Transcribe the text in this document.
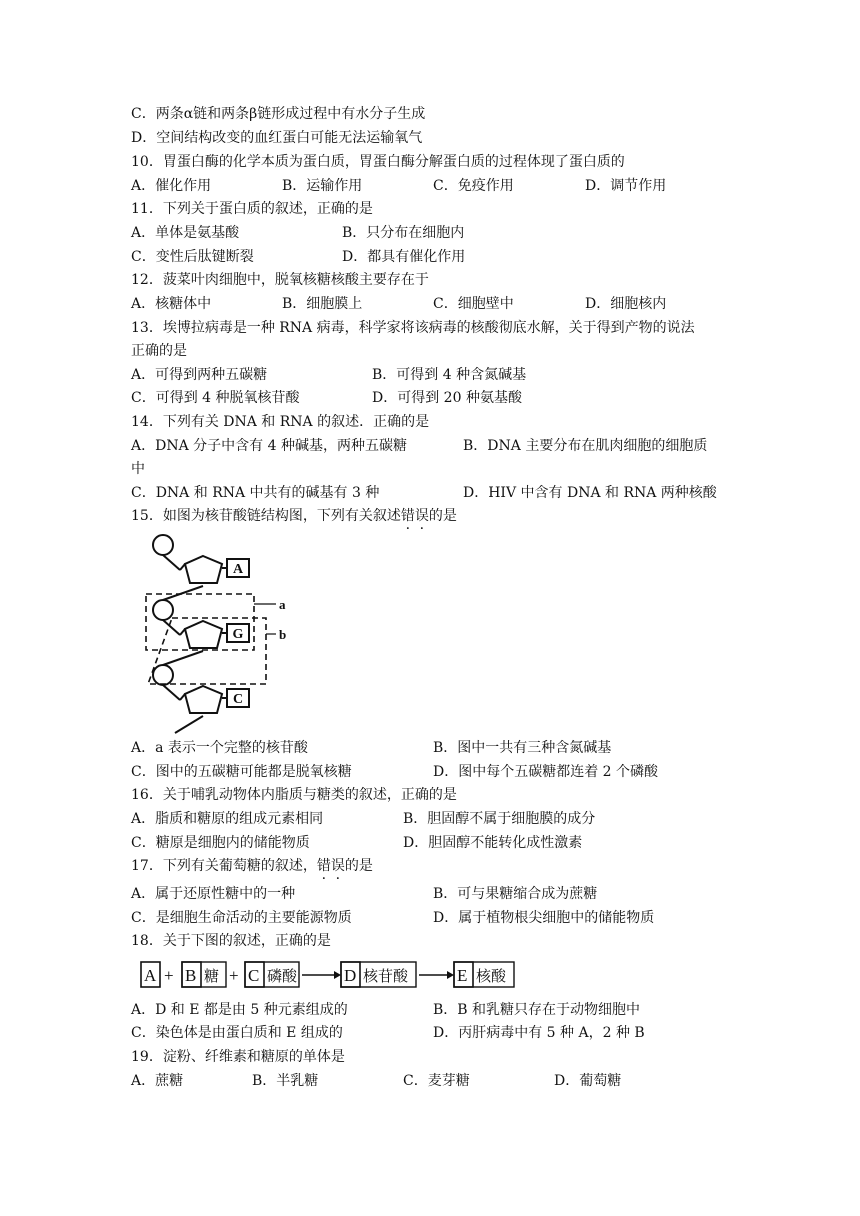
C．两条α链和两条β链形成过程中有水分子生成
D．空间结构改变的血红蛋白可能无法运输氧气
10．胃蛋白酶的化学本质为蛋白质，胃蛋白酶分解蛋白质的过程体现了蛋白质的
A．催化作用	B．运输作用	C．免疫作用	D．调节作用
11．下列关于蛋白质的叙述，正确的是
A．单体是氨基酸	B．只分布在细胞内
C．变性后肽键断裂	D．都具有催化作用
12．菠菜叶肉细胞中，脱氧核糖核酸主要存在于
A．核糖体中	B．细胞膜上	C．细胞壁中	D．细胞核内
13．埃博拉病毒是一种 RNA 病毒，科学家将该病毒的核酸彻底水解，关于得到产物的说法
正确的是
A．可得到两种五碳糖	B．可得到 4 种含氮碱基
C．可得到 4 种脱氧核苷酸	D．可得到 20 种氨基酸
14．下列有关 DNA 和 RNA 的叙述．正确的是
A．DNA 分子中含有 4 种碱基，两种五碳糖	B．DNA 主要分布在肌肉细胞的细胞质
中
C．DNA 和 RNA 中共有的碱基有 3 种	D．HIV 中含有 DNA 和 RNA 两种核酸
15．如图为核苷酸链结构图，下列有关叙述错误的是
A
G
C
a
b
A．a 表示一个完整的核苷酸	B．图中一共有三种含氮碱基
C．图中的五碳糖可能都是脱氧核糖	D．图中每个五碳糖都连着 2 个磷酸
16．关于哺乳动物体内脂质与糖类的叙述，正确的是
A．脂质和糖原的组成元素相同	B．胆固醇不属于细胞膜的成分
C．糖原是细胞内的储能物质	D．胆固醇不能转化成性激素
17．下列有关葡萄糖的叙述，错误的是
A．属于还原性糖中的一种	B．可与果糖缩合成为蔗糖
C．是细胞生命活动的主要能源物质	D．属于植物根尖细胞中的储能物质
18．关于下图的叙述，正确的是
A + B 糖 + C 磷酸	D 核苷酸	E 核酸
A．D 和 E 都是由 5 种元素组成的	B．B 和乳糖只存在于动物细胞中
C．染色体是由蛋白质和 E 组成的	D．丙肝病毒中有 5 种 A，2 种 B
19．淀粉、纤维素和糖原的单体是
A．蔗糖	B．半乳糖	C．麦芽糖	D．葡萄糖
